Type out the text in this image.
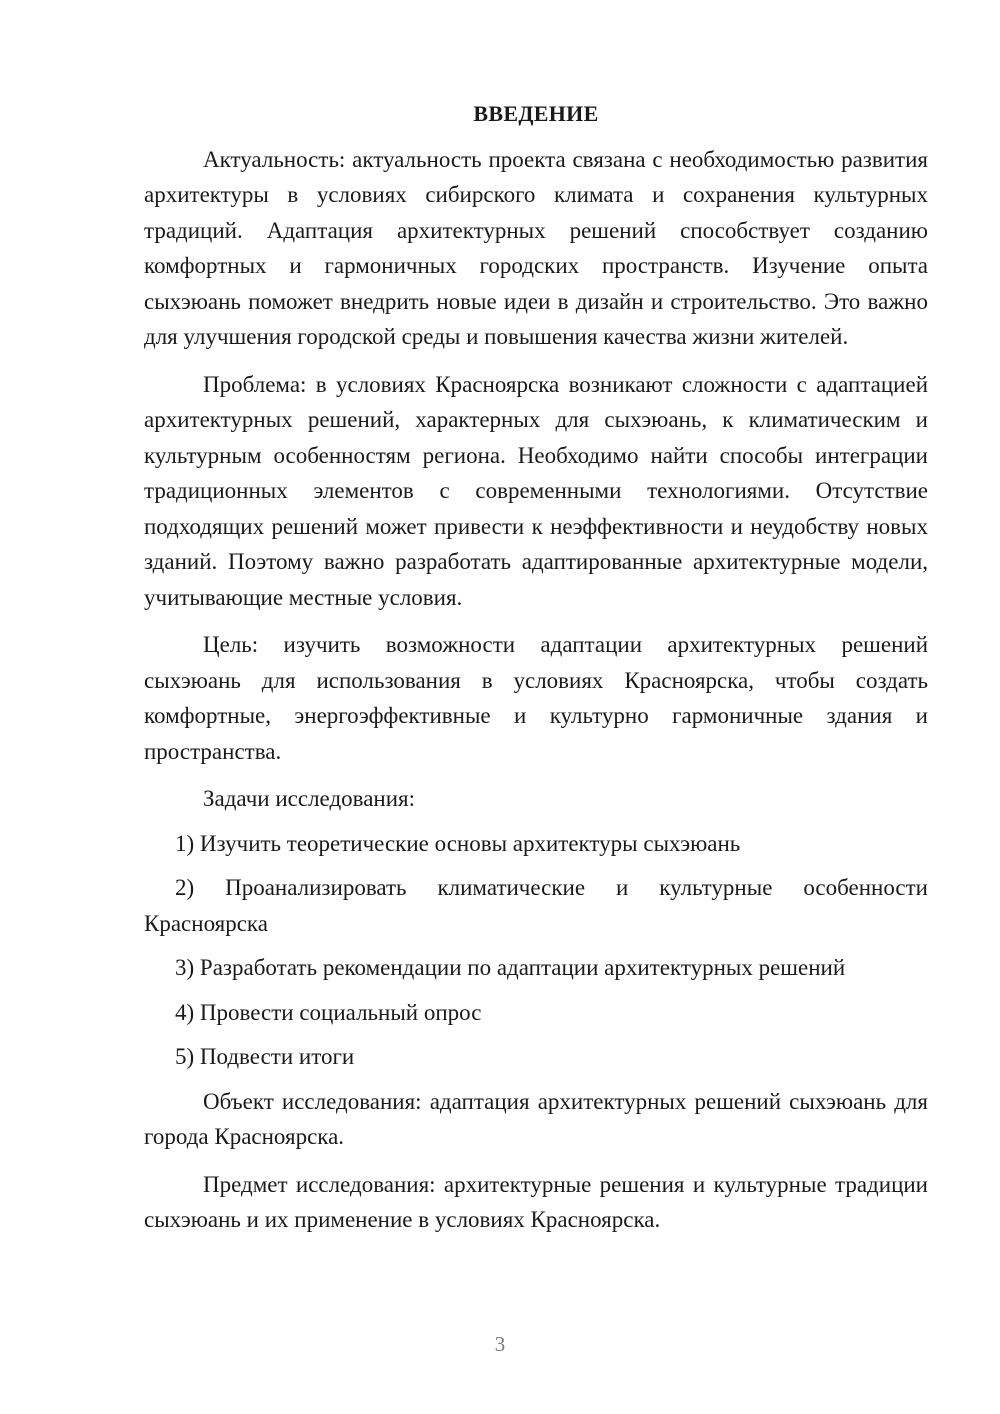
ВВЕДЕНИЕ

Актуальность: актуальность проекта связана с необходимостью развития архитектуры в условиях сибирского климата и сохранения культурных традиций. Адаптация архитектурных решений способствует созданию комфортных и гармоничных городских пространств. Изучение опыта сыхэюань поможет внедрить новые идеи в дизайн и строительство. Это важно для улучшения городской среды и повышения качества жизни жителей.

Проблема: в условиях Красноярска возникают сложности с адаптацией архитектурных решений, характерных для сыхэюань, к климатическим и культурным особенностям региона. Необходимо найти способы интеграции традиционных элементов с современными технологиями. Отсутствие подходящих решений может привести к неэффективности и неудобству новых зданий. Поэтому важно разработать адаптированные архитектурные модели, учитывающие местные условия.

Цель: изучить возможности адаптации архитектурных решений сыхэюань для использования в условиях Красноярска, чтобы создать комфортные, энергоэффективные и культурно гармоничные здания и пространства.

Задачи исследования:
1) Изучить теоретические основы архитектуры сыхэюань
2) Проанализировать климатические и культурные особенности Красноярска
3) Разработать рекомендации по адаптации архитектурных решений
4) Провести социальный опрос
5) Подвести итоги

Объект исследования: адаптация архитектурных решений сыхэюань для города Красноярска.

Предмет исследования: архитектурные решения и культурные традиции сыхэюань и их применение в условиях Красноярска.

3
